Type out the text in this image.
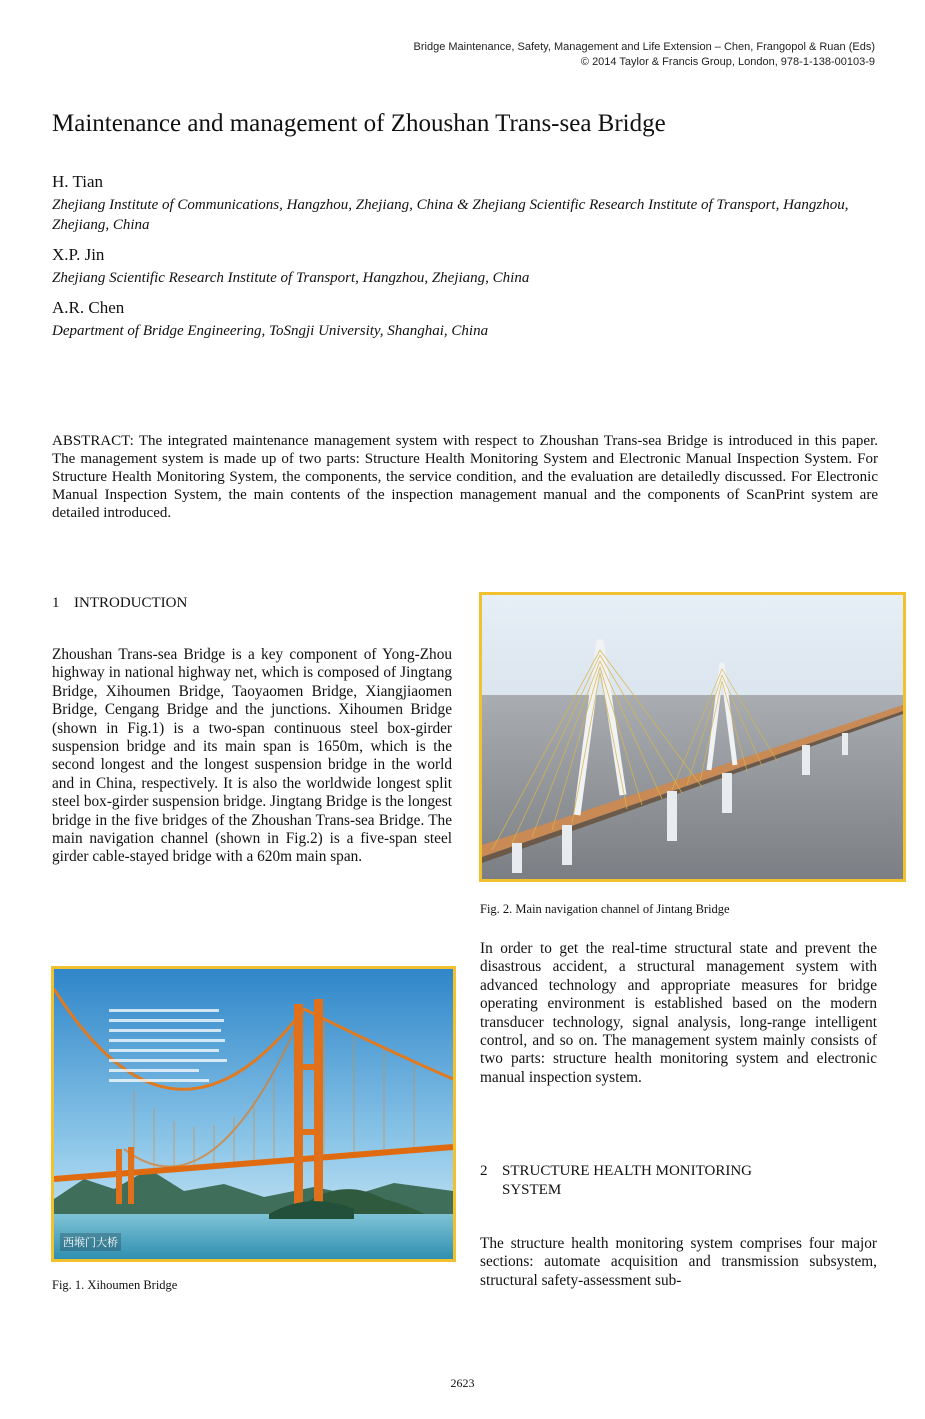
Bridge Maintenance, Safety, Management and Life Extension – Chen, Frangopol & Ruan (Eds)
© 2014 Taylor & Francis Group, London, 978-1-138-00103-9
Maintenance and management of Zhoushan Trans-sea Bridge
H. Tian
Zhejiang Institute of Communications, Hangzhou, Zhejiang, China & Zhejiang Scientific Research Institute of Transport, Hangzhou, Zhejiang, China
X.P. Jin
Zhejiang Scientific Research Institute of Transport, Hangzhou, Zhejiang, China
A.R. Chen
Department of Bridge Engineering, ToSngji University, Shanghai, China
ABSTRACT: The integrated maintenance management system with respect to Zhoushan Trans-sea Bridge is introduced in this paper. The management system is made up of two parts: Structure Health Monitoring System and Electronic Manual Inspection System. For Structure Health Monitoring System, the components, the service condition, and the evaluation are detailedly discussed. For Electronic Manual Inspection System, the main contents of the inspection management manual and the components of ScanPrint system are detailed introduced.
1 INTRODUCTION
Zhoushan Trans-sea Bridge is a key component of Yong-Zhou highway in national highway net, which is composed of Jingtang Bridge, Xihoumen Bridge, Taoyaomen Bridge, Xiangjiaomen Bridge, Cengang Bridge and the junctions. Xihoumen Bridge (shown in Fig.1) is a two-span continuous steel box-girder suspension bridge and its main span is 1650m, which is the second longest and the longest suspension bridge in the world and in China, respectively. It is also the worldwide longest split steel box-girder suspension bridge. Jingtang Bridge is the longest bridge in the five bridges of the Zhoushan Trans-sea Bridge. The main navigation channel (shown in Fig.2) is a five-span steel girder cable-stayed bridge with a 620m main span.
西堠门大桥
Fig. 1. Xihoumen Bridge
Fig. 2. Main navigation channel of Jintang Bridge
In order to get the real-time structural state and prevent the disastrous accident, a structural management system with advanced technology and appropriate measures for bridge operating environment is established based on the modern transducer technology, signal analysis, long-range intelligent control, and so on. The management system mainly consists of two parts: structure health monitoring system and electronic manual inspection system.
2 STRUCTURE HEALTH MONITORING
SYSTEM
The structure health monitoring system comprises four major sections: automate acquisition and transmission subsystem, structural safety-assessment sub-
2623
